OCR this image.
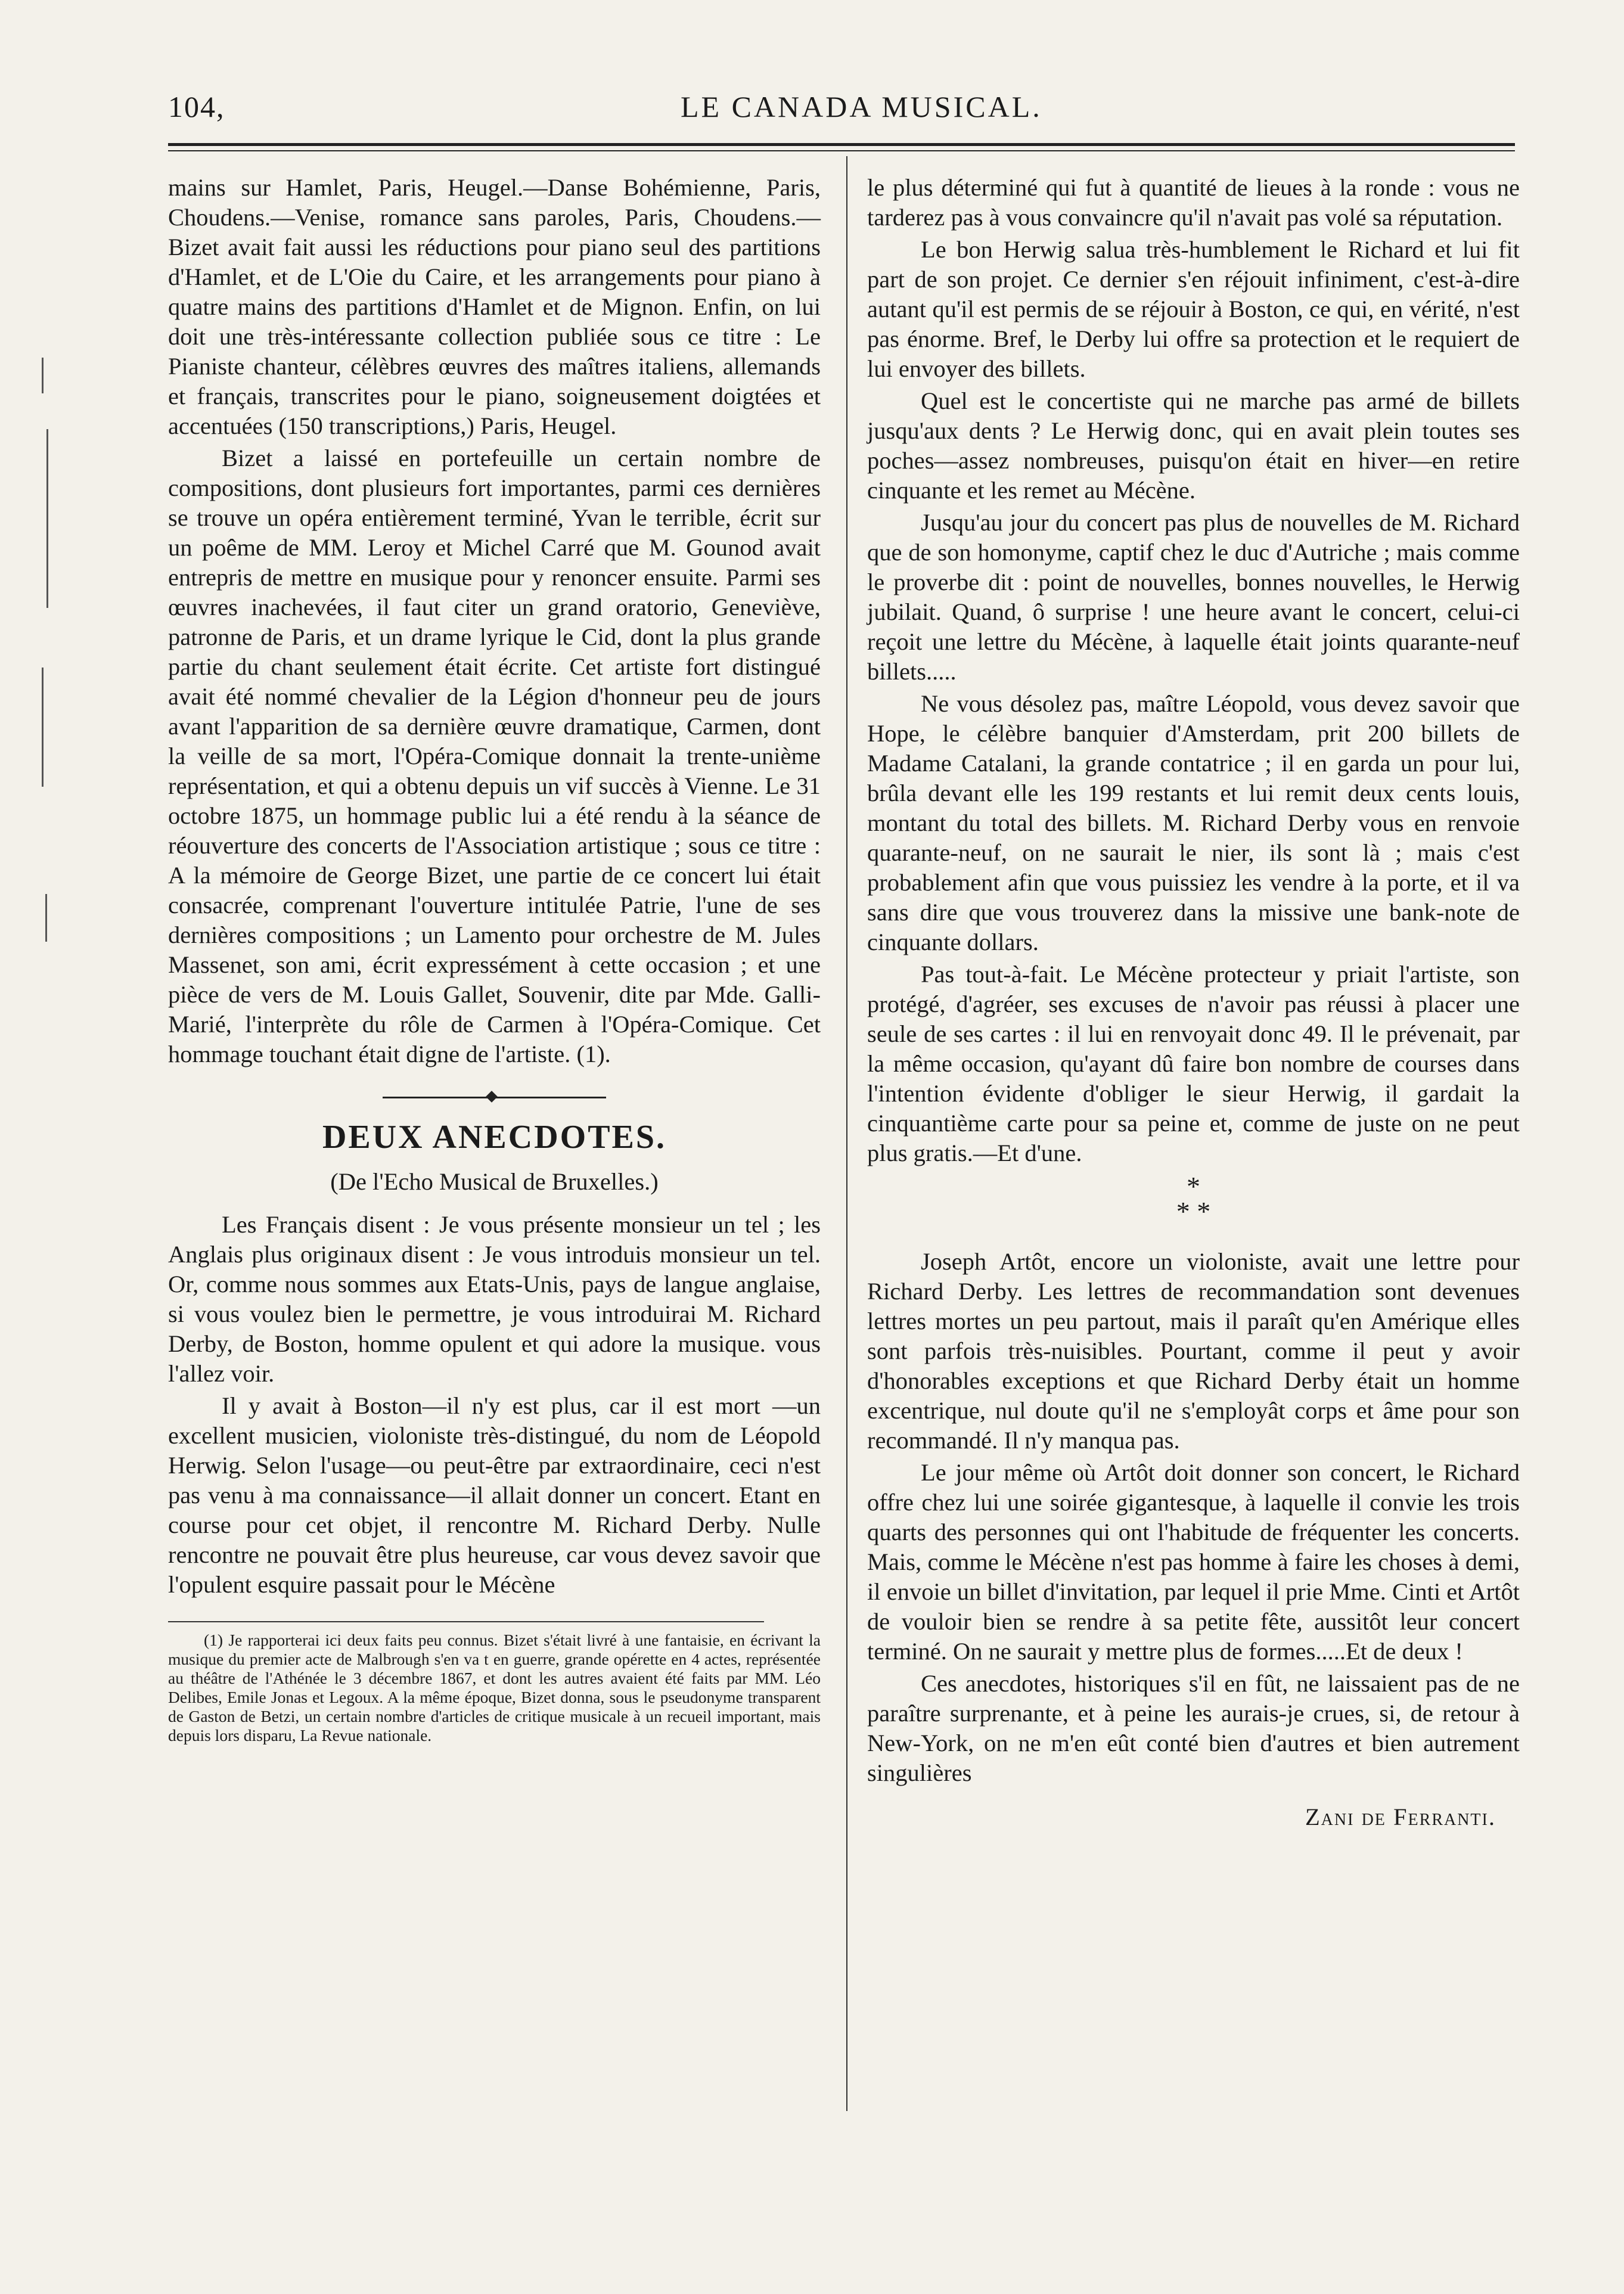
104,	LE CANADA MUSICAL.

mains sur Hamlet, Paris, Heugel.—Danse Bohémienne, Paris, Choudens.—Venise, romance sans paroles, Paris, Choudens.—Bizet avait fait aussi les réductions pour piano seul des partitions d'Hamlet, et de L'Oie du Caire, et les arrangements pour piano à quatre mains des partitions d'Hamlet et de Mignon. Enfin, on lui doit une très-intéressante collection publiée sous ce titre : Le Pianiste chanteur, célèbres œuvres des maîtres italiens, allemands et français, transcrites pour le piano, soigneusement doigtées et accentuées (150 transcriptions,) Paris, Heugel.

Bizet a laissé en portefeuille un certain nombre de compositions, dont plusieurs fort importantes, parmi ces dernières se trouve un opéra entièrement terminé, Yvan le terrible, écrit sur un poême de MM. Leroy et Michel Carré que M. Gounod avait entrepris de mettre en musique pour y renoncer ensuite. Parmi ses œuvres inachevées, il faut citer un grand oratorio, Geneviève, patronne de Paris, et un drame lyrique le Cid, dont la plus grande partie du chant seulement était écrite. Cet artiste fort distingué avait été nommé chevalier de la Légion d'honneur peu de jours avant l'apparition de sa dernière œuvre dramatique, Carmen, dont la veille de sa mort, l'Opéra-Comique donnait la trente-unième représentation, et qui a obtenu depuis un vif succès à Vienne. Le 31 octobre 1875, un hommage public lui a été rendu à la séance de réouverture des concerts de l'Association artistique ; sous ce titre : A la mémoire de George Bizet, une partie de ce concert lui était consacrée, comprenant l'ouverture intitulée Patrie, l'une de ses dernières compositions ; un Lamento pour orchestre de M. Jules Massenet, son ami, écrit expressément à cette occasion ; et une pièce de vers de M. Louis Gallet, Souvenir, dite par Mde. Galli-Marié, l'interprète du rôle de Carmen à l'Opéra-Comique. Cet hommage touchant était digne de l'artiste. (1).

DEUX ANECDOTES.
(De l'Echo Musical de Bruxelles.)

Les Français disent : Je vous présente monsieur un tel ; les Anglais plus originaux disent : Je vous introduis monsieur un tel. Or, comme nous sommes aux Etats-Unis, pays de langue anglaise, si vous voulez bien le permettre, je vous introduirai M. Richard Derby, de Boston, homme opulent et qui adore la musique. vous l'allez voir.

Il y avait à Boston—il n'y est plus, car il est mort —un excellent musicien, violoniste très-distingué, du nom de Léopold Herwig. Selon l'usage—ou peut-être par extraordinaire, ceci n'est pas venu à ma connaissance—il allait donner un concert. Etant en course pour cet objet, il rencontre M. Richard Derby. Nulle rencontre ne pouvait être plus heureuse, car vous devez savoir que l'opulent esquire passait pour le Mécène

(1) Je rapporterai ici deux faits peu connus. Bizet s'était livré à une fantaisie, en écrivant la musique du premier acte de Malbrough s'en va t en guerre, grande opérette en 4 actes, représentée au théâtre de l'Athénée le 3 décembre 1867, et dont les autres avaient été faits par MM. Léo Delibes, Emile Jonas et Legoux. A la même époque, Bizet donna, sous le pseudonyme transparent de Gaston de Betzi, un certain nombre d'articles de critique musicale à un recueil important, mais depuis lors disparu, La Revue nationale.

le plus déterminé qui fut à quantité de lieues à la ronde : vous ne tarderez pas à vous convaincre qu'il n'avait pas volé sa réputation.

Le bon Herwig salua très-humblement le Richard et lui fit part de son projet. Ce dernier s'en réjouit infiniment, c'est-à-dire autant qu'il est permis de se réjouir à Boston, ce qui, en vérité, n'est pas énorme. Bref, le Derby lui offre sa protection et le requiert de lui envoyer des billets.

Quel est le concertiste qui ne marche pas armé de billets jusqu'aux dents ? Le Herwig donc, qui en avait plein toutes ses poches—assez nombreuses, puisqu'on était en hiver—en retire cinquante et les remet au Mécène.

Jusqu'au jour du concert pas plus de nouvelles de M. Richard que de son homonyme, captif chez le duc d'Autriche ; mais comme le proverbe dit : point de nouvelles, bonnes nouvelles, le Herwig jubilait. Quand, ô surprise ! une heure avant le concert, celui-ci reçoit une lettre du Mécène, à laquelle était joints quarante-neuf billets.....

Ne vous désolez pas, maître Léopold, vous devez savoir que Hope, le célèbre banquier d'Amsterdam, prit 200 billets de Madame Catalani, la grande contatrice ; il en garda un pour lui, brûla devant elle les 199 restants et lui remit deux cents louis, montant du total des billets. M. Richard Derby vous en renvoie quarante-neuf, on ne saurait le nier, ils sont là ; mais c'est probablement afin que vous puissiez les vendre à la porte, et il va sans dire que vous trouverez dans la missive une bank-note de cinquante dollars.

Pas tout-à-fait. Le Mécène protecteur y priait l'artiste, son protégé, d'agréer, ses excuses de n'avoir pas réussi à placer une seule de ses cartes : il lui en renvoyait donc 49. Il le prévenait, par la même occasion, qu'ayant dû faire bon nombre de courses dans l'intention évidente d'obliger le sieur Herwig, il gardait la cinquantième carte pour sa peine et, comme de juste on ne peut plus gratis.—Et d'une.

*
* *

Joseph Artôt, encore un violoniste, avait une lettre pour Richard Derby. Les lettres de recommandation sont devenues lettres mortes un peu partout, mais il paraît qu'en Amérique elles sont parfois très-nuisibles. Pourtant, comme il peut y avoir d'honorables exceptions et que Richard Derby était un homme excentrique, nul doute qu'il ne s'employât corps et âme pour son recommandé. Il n'y manqua pas.

Le jour même où Artôt doit donner son concert, le Richard offre chez lui une soirée gigantesque, à laquelle il convie les trois quarts des personnes qui ont l'habitude de fréquenter les concerts. Mais, comme le Mécène n'est pas homme à faire les choses à demi, il envoie un billet d'invitation, par lequel il prie Mme. Cinti et Artôt de vouloir bien se rendre à sa petite fête, aussitôt leur concert terminé. On ne saurait y mettre plus de formes.....Et de deux !

Ces anecdotes, historiques s'il en fût, ne laissaient pas de ne paraître surprenante, et à peine les aurais-je crues, si, de retour à New-York, on ne m'en eût conté bien d'autres et bien autrement singulières

Zani de Ferranti.
